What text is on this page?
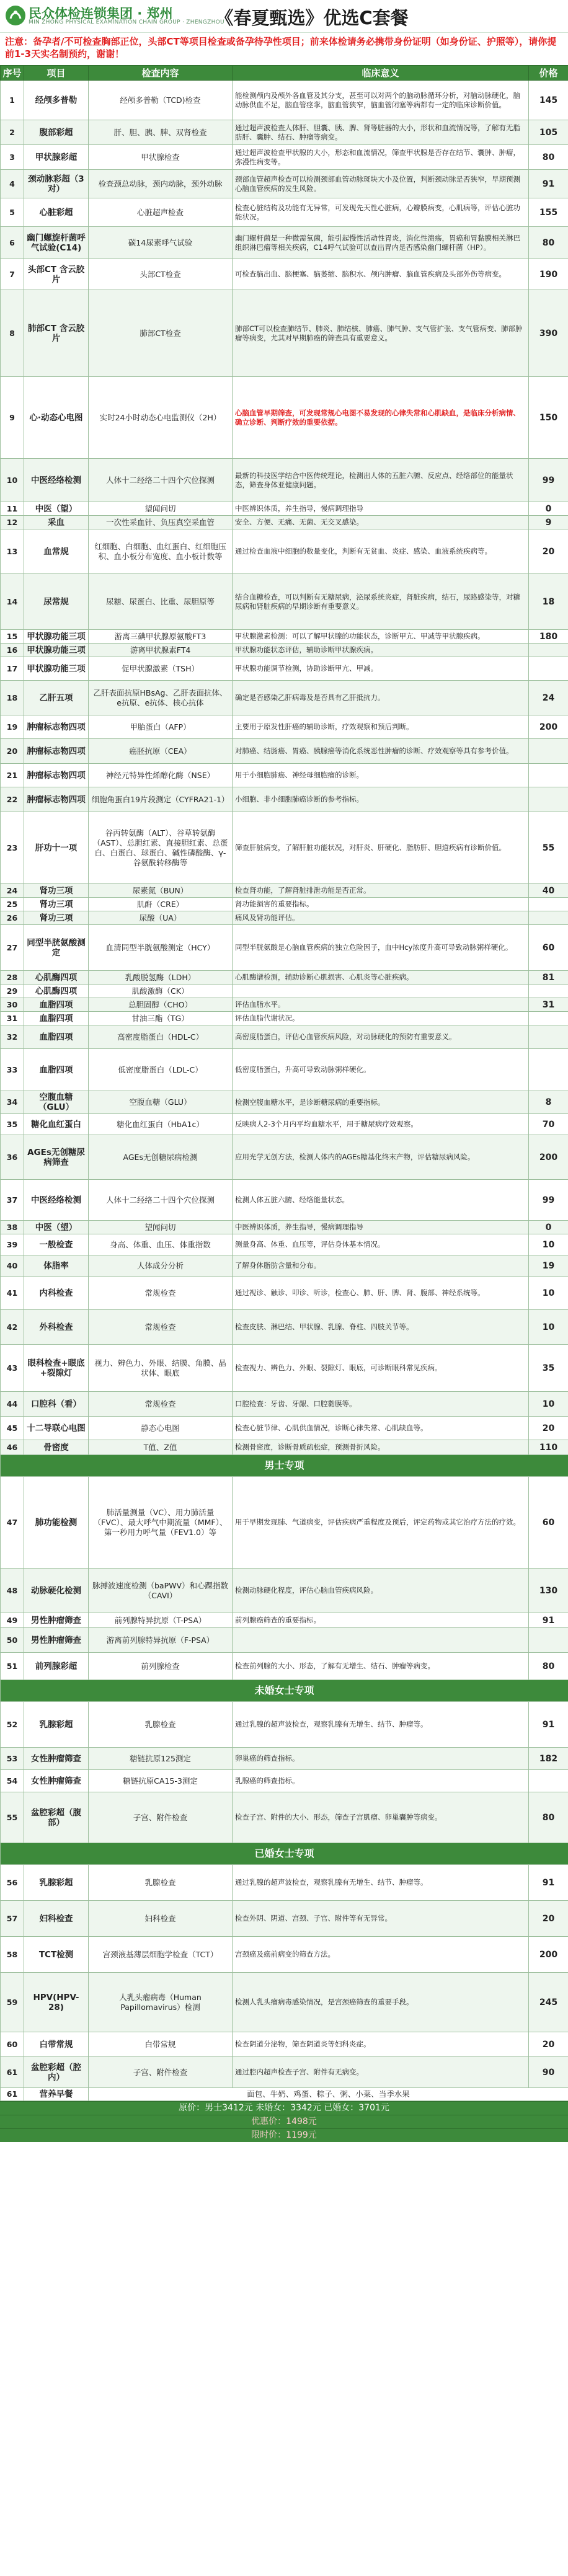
民众体检连锁集团 · 郑州
MIN ZHONG PHYSICAL EXAMINATION CHAIN GROUP · ZHENGZHOU
《春夏甄选》优选C套餐
注意：备孕者/不可检查胸部正位，头部CT等项目检查或备孕待孕性项目；前来体检请务必携带身份证明（如身份证、护照等），请你提前1-3天实名制预约，谢谢！
序号	项目	检查内容	临床意义	价格
1	经颅多普勒	经颅多普勒（TCD)检查	能检测颅内及颅外各血管及其分支，甚至可以对两个的脑动脉循环分析，对脑动脉硬化，脑动脉供血不足，脑血管痉挛，脑血管狭窄，脑血管闭塞等病都有一定的临床诊断价值。	145
2	腹部彩超	肝、胆、胰、脾、双肾检查	通过超声波检查人体肝、胆囊、胰、脾、肾等脏器的大小，形状和血流情况等，了解有无脂肪肝、囊肿、结石、肿瘤等病变。	105
3	甲状腺彩超	甲状腺检查	通过超声波检查甲状腺的大小，形态和血流情况，筛查甲状腺是否存在结节、囊肿、肿瘤，弥漫性病变等。	80
4	颈动脉彩超（3对）	检查颈总动脉，颈内动脉，颈外动脉	颈部血管超声检查可以检测颈部血管动脉斑块大小及位置，判断颈动脉是否狭窄，早期预测心脑血管疾病的发生风险。	91
5	心脏彩超	心脏超声检查	检查心脏结构及功能有无异常，可发现先天性心脏病，心瓣膜病变，心肌病等，评估心脏功能状况。	155
6	幽门螺旋杆菌呼气试验(C14)	碳14尿素呼气试验	幽门螺杆菌是一种微需氧菌，能引起慢性活动性胃炎，消化性溃疡，胃癌和胃黏膜相关淋巴组织淋巴瘤等相关疾病，C14呼气试验可以查出胃内是否感染幽门螺杆菌（HP）。	80
7	头部CT 含云胶片	头部CT检查	可检查脑出血、脑梗塞、脑萎缩、脑积水、颅内肿瘤、脑血管疾病及头部外伤等病变。	190
8	肺部CT 含云胶片	肺部CT检查	肺部CT可以检查肺结节、肺炎、肺结核、肺癌、肺气肿、支气管扩张、支气管病变、肺部肿瘤等病变，尤其对早期肺癌的筛查具有重要意义。	390
9	心·动态心电图	实时24小时动态心电监测仪（2H）	心脑血管早期筛查，可发现常规心电图不易发现的心律失常和心肌缺血，是临床分析病情、确立诊断、判断疗效的重要依据。	150
10	中医经络检测	人体十二经络二十四个穴位探测	最新的科技医学结合中医传统理论，检测出人体的五脏六腑、反应点、经络部位的能量状态，筛查身体亚健康问题。	99
11	中医（望）	望闻问切	中医辨识体质，养生指导，慢病调理指导	0
12	采血	一次性采血针、负压真空采血管	安全、方便、无痛、无菌、无交叉感染。	9
13	血常规	红细胞、白细胞、血红蛋白、红细胞压积、血小板分布宽度、血小板计数等	通过检查血液中细胞的数量变化，判断有无贫血、炎症、感染、血液系统疾病等。	20
14	尿常规	尿糖、尿蛋白、比重、尿胆原等	结合血糖检查，可以判断有无糖尿病，泌尿系统炎症，肾脏疾病，结石，尿路感染等，对糖尿病和肾脏疾病的早期诊断有重要意义。	18
15	甲状腺功能三项	游离三碘甲状腺原氨酸FT3	甲状腺激素检测：可以了解甲状腺的功能状态，诊断甲亢、甲减等甲状腺疾病。	180
16	甲状腺功能三项	游离甲状腺素FT4	甲状腺功能状态评估，辅助诊断甲状腺疾病。	
17	甲状腺功能三项	促甲状腺激素（TSH）	甲状腺功能调节检测，协助诊断甲亢、甲减。	
18	乙肝五项	乙肝表面抗原HBsAg、乙肝表面抗体、e抗原、e抗体、核心抗体	确定是否感染乙肝病毒及是否具有乙肝抵抗力。	24
19	肿瘤标志物四项	甲胎蛋白（AFP）	主要用于原发性肝癌的辅助诊断，疗效观察和预后判断。	200
20	肿瘤标志物四项	癌胚抗原（CEA）	对肺癌、结肠癌、胃癌、胰腺癌等消化系统恶性肿瘤的诊断、疗效观察等具有参考价值。	
21	肿瘤标志物四项	神经元特异性烯醇化酶（NSE）	用于小细胞肺癌、神经母细胞瘤的诊断。	
22	肿瘤标志物四项	细胞角蛋白19片段测定（CYFRA21-1）	小细胞、非小细胞肺癌诊断的参考指标。	
23	肝功十一项	谷丙转氨酶（ALT）、谷草转氨酶（AST）、总胆红素、直接胆红素、总蛋白、白蛋白、球蛋白、碱性磷酸酶、γ-谷氨酰转移酶等	筛查肝脏病变，了解肝脏功能状况，对肝炎、肝硬化、脂肪肝、胆道疾病有诊断价值。	55
24	肾功三项	尿素氮（BUN）	检查肾功能，了解肾脏排泄功能是否正常。	40
25	肾功三项	肌酐（CRE）	肾功能损害的重要指标。	
26	肾功三项	尿酸（UA）	痛风及肾功能评估。	
27	同型半胱氨酸测定	血清同型半胱氨酸测定（HCY）	同型半胱氨酸是心脑血管疾病的独立危险因子，血中Hcy浓度升高可导致动脉粥样硬化。	60
28	心肌酶四项	乳酸脱氢酶（LDH）	心肌酶谱检测，辅助诊断心肌损害、心肌炎等心脏疾病。	81
29	心肌酶四项	肌酸激酶（CK）		
30	血脂四项	总胆固醇（CHO）	评估血脂水平。	31
31	血脂四项	甘油三酯（TG）	评估血脂代谢状况。	
32	血脂四项	高密度脂蛋白（HDL-C）	高密度脂蛋白，评估心血管疾病风险，对动脉硬化的预防有重要意义。	
33	血脂四项	低密度脂蛋白（LDL-C）	低密度脂蛋白，升高可导致动脉粥样硬化。	
34	空腹血糖（GLU）	空腹血糖（GLU）	检测空腹血糖水平，是诊断糖尿病的重要指标。	8
35	糖化血红蛋白	糖化血红蛋白（HbA1c）	反映病人2-3个月内平均血糖水平，用于糖尿病疗效观察。	70
36	AGEs无创糖尿病筛查	AGEs无创糖尿病检测	应用光学无创方法，检测人体内的AGEs糖基化终末产物，评估糖尿病风险。	200
37	中医经络检测	人体十二经络二十四个穴位探测	检测人体五脏六腑、经络能量状态。	99
38	中医（望）	望闻问切	中医辨识体质，养生指导，慢病调理指导	0
39	一般检查	身高、体重、血压、体重指数	测量身高、体重、血压等，评估身体基本情况。	10
40	体脂率	人体成分分析	了解身体脂肪含量和分布。	19
41	内科检查	常规检查	通过视诊、触诊、叩诊、听诊，检查心、肺、肝、脾、肾、腹部、神经系统等。	10
42	外科检查	常规检查	检查皮肤、淋巴结、甲状腺、乳腺、脊柱、四肢关节等。	10
43	眼科检查+眼底+裂隙灯	视力、辨色力、外眼、结膜、角膜、晶状体、眼底	检查视力、辨色力、外眼、裂隙灯、眼底，可诊断眼科常见疾病。	35
44	口腔科（看）	常规检查	口腔检查：牙齿、牙龈、口腔黏膜等。	10
45	十二导联心电图	静态心电图	检查心脏节律、心肌供血情况，诊断心律失常、心肌缺血等。	20
46	骨密度	T值、Z值	检测骨密度，诊断骨质疏松症，预测骨折风险。	110
男士专项				
47	肺功能检测	肺活量测量（VC）、用力肺活量（FVC）、最大呼气中期流量（MMF）、第一秒用力呼气量（FEV1.0）等	用于早期发现肺、气道病变，评估疾病严重程度及预后，评定药物或其它治疗方法的疗效。	60
48	动脉硬化检测	脉搏波速度检测（baPWV）和心踝指数（CAVI）	检测动脉硬化程度，评估心脑血管疾病风险。	130
49	男性肿瘤筛查	前列腺特异抗原（T-PSA）	前列腺癌筛查的重要指标。	91
50	男性肿瘤筛查	游离前列腺特异抗原（F-PSA）		
51	前列腺彩超	前列腺检查	检查前列腺的大小、形态，了解有无增生、结石、肿瘤等病变。	80
未婚女士专项				
52	乳腺彩超	乳腺检查	通过乳腺的超声波检查，观察乳腺有无增生、结节、肿瘤等。	91
53	女性肿瘤筛查	糖链抗原125测定	卵巢癌的筛查指标。	182
54	女性肿瘤筛查	糖链抗原CA15-3测定	乳腺癌的筛查指标。	
55	盆腔彩超（腹部）	子宫、附件检查	检查子宫、附件的大小、形态，筛查子宫肌瘤、卵巢囊肿等病变。	80
已婚女士专项				
56	乳腺彩超	乳腺检查	通过乳腺的超声波检查，观察乳腺有无增生、结节、肿瘤等。	91
57	妇科检查	妇科检查	检查外阴、阴道、宫颈、子宫、附件等有无异常。	20
58	TCT检测	宫颈液基薄层细胞学检查（TCT）	宫颈癌及癌前病变的筛查方法。	200
59	HPV(HPV-28)	人乳头瘤病毒（Human Papillomavirus）检测	检测人乳头瘤病毒感染情况，是宫颈癌筛查的重要手段。	245
60	白带常规	白带常规	检查阴道分泌物，筛查阴道炎等妇科炎症。	20
61	盆腔彩超（腔内）	子宫、附件检查	通过腔内超声检查子宫、附件有无病变。	90
61	营养早餐	面包、牛奶、鸡蛋、粽子、粥、小菜、当季水果		
原价：男士3412元 未婚女：3342元 已婚女：3701元
优惠价：1498元
限时价：1199元
